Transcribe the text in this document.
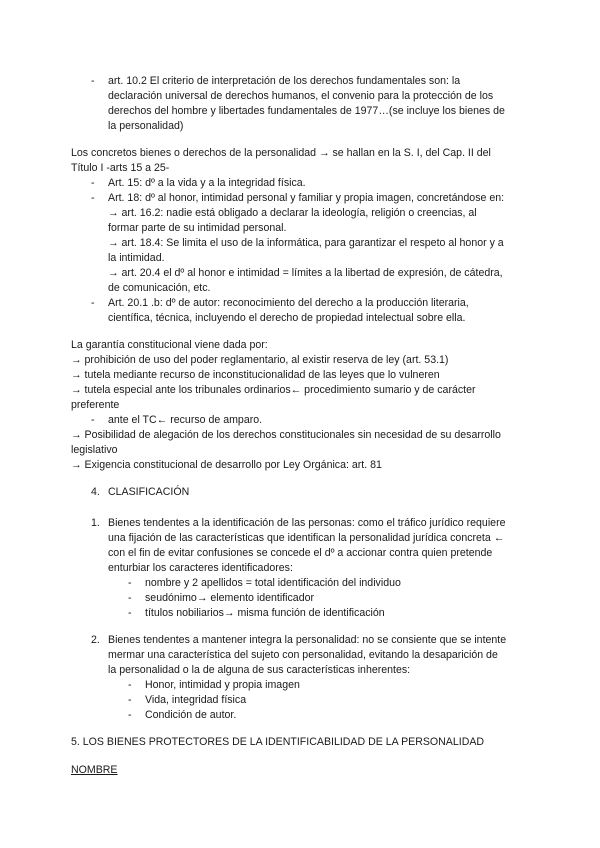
- art. 10.2 El criterio de interpretación de los derechos fundamentales son: la
declaración universal de derechos humanos, el convenio para la protección de los
derechos del hombre y libertades fundamentales de 1977…(se incluye los bienes de
la personalidad)
Los concretos bienes o derechos de la personalidad → se hallan en la S. I, del Cap. II del
Título I -arts 15 a 25-
- Art. 15: dº a la vida y a la integridad física.
- Art. 18: dº al honor, intimidad personal y familiar y propia imagen, concretándose en:
→ art. 16.2: nadie está obligado a declarar la ideología, religión o creencias, al
formar parte de su intimidad personal.
→ art. 18.4: Se limita el uso de la informática, para garantizar el respeto al honor y a
la intimidad.
→ art. 20.4 el dº al honor e intimidad = límites a la libertad de expresión, de cátedra,
de comunicación, etc.
- Art. 20.1 .b: dº de autor: reconocimiento del derecho a la producción literaria,
científica, técnica, incluyendo el derecho de propiedad intelectual sobre ella.
La garantía constitucional viene dada por:
→ prohibición de uso del poder reglamentario, al existir reserva de ley (art. 53.1)
→ tutela mediante recurso de inconstitucionalidad de las leyes que lo vulneren
→ tutela especial ante los tribunales ordinarios← procedimiento sumario y de carácter
preferente
- ante el TC← recurso de amparo.
→ Posibilidad de alegación de los derechos constitucionales sin necesidad de su desarrollo
legislativo
→ Exigencia constitucional de desarrollo por Ley Orgánica: art. 81
4. CLASIFICACIÓN
1. Bienes tendentes a la identificación de las personas: como el tráfico jurídico requiere
una fijación de las características que identifican la personalidad jurídica concreta ←
con el fin de evitar confusiones se concede el dº a accionar contra quien pretende
enturbiar los caracteres identificadores:
- nombre y 2 apellidos = total identificación del individuo
- seudónimo→ elemento identificador
- títulos nobiliarios→ misma función de identificación
2. Bienes tendentes a mantener integra la personalidad: no se consiente que se intente
mermar una característica del sujeto con personalidad, evitando la desaparición de
la personalidad o la de alguna de sus características inherentes:
- Honor, intimidad y propia imagen
- Vida, integridad física
- Condición de autor.
5. LOS BIENES PROTECTORES DE LA IDENTIFICABILIDAD DE LA PERSONALIDAD
NOMBRE
